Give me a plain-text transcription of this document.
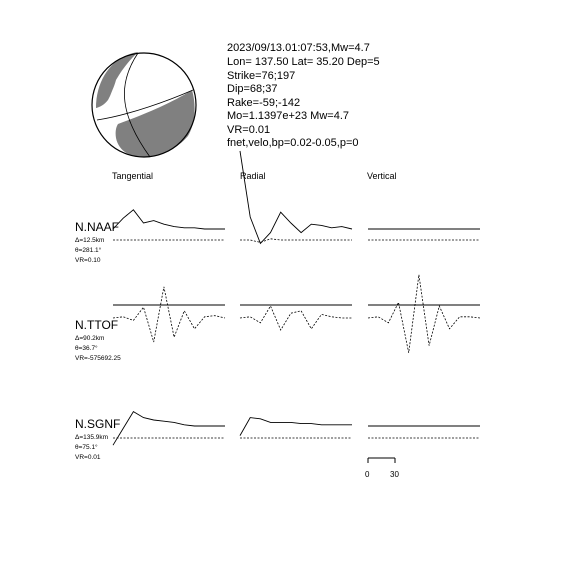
2023/09/13.01:07:53,Mw=4.7
Lon= 137.50 Lat= 35.20 Dep=5
Strike=76;197
Dip=68;37
Rake=-59;-142
Mo=1.1397e+23 Mw=4.7
VR=0.01
fnet,velo,bp=0.02-0.05,p=0
Tangential	Radial	Vertical
N.NAAF
Δ=12.5km
θ=281.1°
VR=0.10
N.TTOF
Δ=90.2km
θ=36.7°
VR=-575692.25
N.SGNF
Δ=135.9km
θ=75.1°
VR=0.01
0	30
